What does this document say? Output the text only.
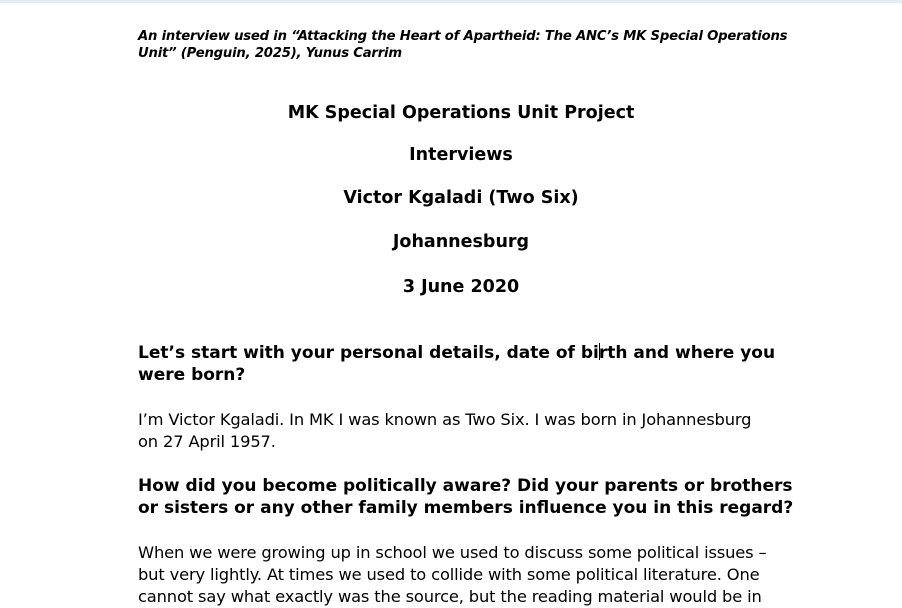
An interview used in “Attacking the Heart of Apartheid: The ANC’s MK Special Operations
Unit” (Penguin, 2025), Yunus Carrim
MK Special Operations Unit Project
Interviews
Victor Kgaladi (Two Six)
Johannesburg
3 June 2020
Let’s start with your personal details, date of birth and where you
were born?
I’m Victor Kgaladi. In MK I was known as Two Six. I was born in Johannesburg
on 27 April 1957.
How did you become politically aware? Did your parents or brothers
or sisters or any other family members influence you in this regard?
When we were growing up in school we used to discuss some political issues –
but very lightly. At times we used to collide with some political literature. One
cannot say what exactly was the source, but the reading material would be in
